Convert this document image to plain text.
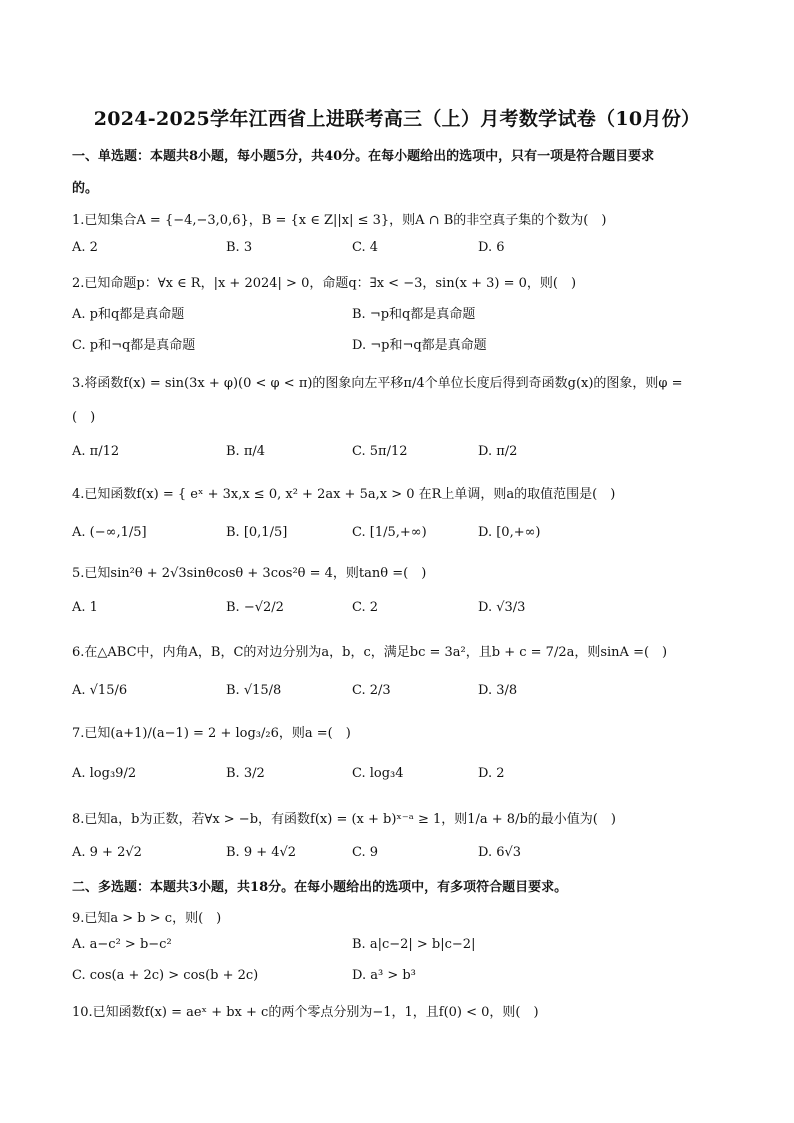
2024-2025学年江西省上进联考高三（上）月考数学试卷（10月份）
一、单选题：本题共8小题，每小题5分，共40分。在每小题给出的选项中，只有一项是符合题目要求
的。
1.已知集合A = {−4,−3,0,6}，B = {x ∈ Z||x| ≤ 3}，则A ∩ B的非空真子集的个数为(　)
A. 2	B. 3	C. 4	D. 6
2.已知命题p：∀x ∈ R，|x + 2024| > 0，命题q：∃x < −3，sin(x + 3) = 0，则(　)
A. p和q都是真命题	B. ¬p和q都是真命题
C. p和¬q都是真命题	D. ¬p和¬q都是真命题
3.将函数f(x) = sin(3x + φ)(0 < φ < π)的图象向左平移π/4个单位长度后得到奇函数g(x)的图象，则φ =
(　)
A. π/12	B. π/4	C. 5π/12	D. π/2
4.已知函数f(x) = { eˣ + 3x,x ≤ 0, x² + 2ax + 5a,x > 0 在R上单调，则a的取值范围是(　)
A. (−∞,1/5]	B. [0,1/5]	C. [1/5,+∞)	D. [0,+∞)
5.已知sin²θ + 2√3sinθcosθ + 3cos²θ = 4，则tanθ =(　)
A. 1	B. −√2/2	C. 2	D. √3/3
6.在△ABC中，内角A，B，C的对边分别为a，b，c，满足bc = 3a²，且b + c = 7/2a，则sinA =(　)
A. √15/6	B. √15/8	C. 2/3	D. 3/8
7.已知(a+1)/(a−1) = 2 + log₃/₂6，则a =(　)
A. log₃9/2	B. 3/2	C. log₃4	D. 2
8.已知a，b为正数，若∀x > −b，有函数f(x) = (x + b)ˣ⁻ᵃ ≥ 1，则1/a + 8/b的最小值为(　)
A. 9 + 2√2	B. 9 + 4√2	C. 9	D. 6√3
二、多选题：本题共3小题，共18分。在每小题给出的选项中，有多项符合题目要求。
9.已知a > b > c，则(　)
A. a−c² > b−c²	B. a|c−2| > b|c−2|
C. cos(a + 2c) > cos(b + 2c)	D. a³ > b³
10.已知函数f(x) = aeˣ + bx + c的两个零点分别为−1，1，且f(0) < 0，则(　)
